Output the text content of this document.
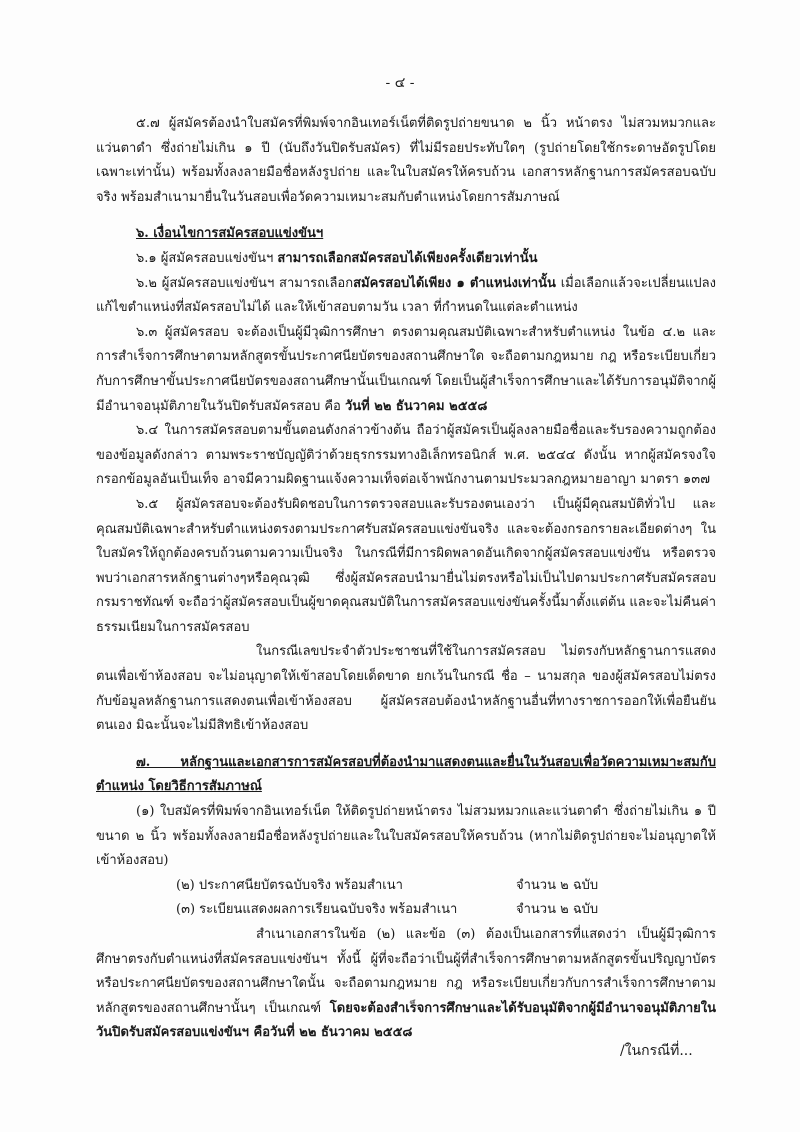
- ๔ -

๕.๗ ผู้สมัครต้องนำใบสมัครที่พิมพ์จากอินเทอร์เน็ตที่ติดรูปถ่ายขนาด ๒ นิ้ว หน้าตรง ไม่สวมหมวกและแว่นตาดำ ซึ่งถ่ายไม่เกิน ๑ ปี (นับถึงวันปิดรับสมัคร) ที่ไม่มีรอยประทับใดๆ (รูปถ่ายโดยใช้กระดาษอัดรูปโดยเฉพาะเท่านั้น) พร้อมทั้งลงลายมือชื่อหลังรูปถ่าย และในใบสมัครให้ครบถ้วน เอกสารหลักฐานการสมัครสอบฉบับจริง พร้อมสำเนามายื่นในวันสอบเพื่อวัดความเหมาะสมกับตำแหน่งโดยการสัมภาษณ์

๖. เงื่อนไขการสมัครสอบแข่งขันฯ

๖.๑ ผู้สมัครสอบแข่งขันฯ สามารถเลือกสมัครสอบได้เพียงครั้งเดียวเท่านั้น

๖.๒ ผู้สมัครสอบแข่งขันฯ สามารถเลือกสมัครสอบได้เพียง ๑ ตำแหน่งเท่านั้น เมื่อเลือกแล้วจะเปลี่ยนแปลงแก้ไขตำแหน่งที่สมัครสอบไม่ได้ และให้เข้าสอบตามวัน เวลา ที่กำหนดในแต่ละตำแหน่ง

๖.๓ ผู้สมัครสอบ จะต้องเป็นผู้มีวุฒิการศึกษา ตรงตามคุณสมบัติเฉพาะสำหรับตำแหน่ง ในข้อ ๔.๒ และการสำเร็จการศึกษาตามหลักสูตรขั้นประกาศนียบัตรของสถานศึกษาใด จะถือตามกฎหมาย กฎ หรือระเบียบเกี่ยวกับการศึกษาขั้นประกาศนียบัตรของสถานศึกษานั้นเป็นเกณฑ์ โดยเป็นผู้สำเร็จการศึกษาและได้รับการอนุมัติจากผู้มีอำนาจอนุมัติภายในวันปิดรับสมัครสอบ คือ วันที่ ๒๒ ธันวาคม ๒๕๕๘

๖.๔ ในการสมัครสอบตามขั้นตอนดังกล่าวข้างต้น ถือว่าผู้สมัครเป็นผู้ลงลายมือชื่อและรับรองความถูกต้องของข้อมูลดังกล่าว ตามพระราชบัญญัติว่าด้วยธุรกรรมทางอิเล็กทรอนิกส์ พ.ศ. ๒๕๔๔ ดังนั้น หากผู้สมัครจงใจกรอกข้อมูลอันเป็นเท็จ อาจมีความผิดฐานแจ้งความเท็จต่อเจ้าพนักงานตามประมวลกฎหมายอาญา มาตรา ๑๓๗

๖.๕ ผู้สมัครสอบจะต้องรับผิดชอบในการตรวจสอบและรับรองตนเองว่า เป็นผู้มีคุณสมบัติทั่วไป และคุณสมบัติเฉพาะสำหรับตำแหน่งตรงตามประกาศรับสมัครสอบแข่งขันจริง และจะต้องกรอกรายละเอียดต่างๆ ในใบสมัครให้ถูกต้องครบถ้วนตามความเป็นจริง ในกรณีที่มีการผิดพลาดอันเกิดจากผู้สมัครสอบแข่งขัน หรือตรวจพบว่าเอกสารหลักฐานต่างๆหรือคุณวุฒิ ซึ่งผู้สมัครสอบนำมายื่นไม่ตรงหรือไม่เป็นไปตามประกาศรับสมัครสอบ กรมราชทัณฑ์ จะถือว่าผู้สมัครสอบเป็นผู้ขาดคุณสมบัติในการสมัครสอบแข่งขันครั้งนี้มาตั้งแต่ต้น และจะไม่คืนค่าธรรมเนียมในการสมัครสอบ

ในกรณีเลขประจำตัวประชาชนที่ใช้ในการสมัครสอบ ไม่ตรงกับหลักฐานการแสดงตนเพื่อเข้าห้องสอบ จะไม่อนุญาตให้เข้าสอบโดยเด็ดขาด ยกเว้นในกรณี ชื่อ – นามสกุล ของผู้สมัครสอบไม่ตรงกับข้อมูลหลักฐานการแสดงตนเพื่อเข้าห้องสอบ ผู้สมัครสอบต้องนำหลักฐานอื่นที่ทางราชการออกให้เพื่อยืนยันตนเอง มิฉะนั้นจะไม่มีสิทธิเข้าห้องสอบ

๗. หลักฐานและเอกสารการสมัครสอบที่ต้องนำมาแสดงตนและยื่นในวันสอบเพื่อวัดความเหมาะสมกับตำแหน่ง โดยวิธีการสัมภาษณ์

(๑) ใบสมัครที่พิมพ์จากอินเทอร์เน็ต ให้ติดรูปถ่ายหน้าตรง ไม่สวมหมวกและแว่นตาดำ ซึ่งถ่ายไม่เกิน ๑ ปี ขนาด ๒ นิ้ว พร้อมทั้งลงลายมือชื่อหลังรูปถ่ายและในใบสมัครสอบให้ครบถ้วน (หากไม่ติดรูปถ่ายจะไม่อนุญาตให้เข้าห้องสอบ)

(๒) ประกาศนียบัตรฉบับจริง พร้อมสำเนา	จำนวน ๒ ฉบับ
(๓) ระเบียนแสดงผลการเรียนฉบับจริง พร้อมสำเนา	จำนวน ๒ ฉบับ

สำเนาเอกสารในข้อ (๒) และข้อ (๓) ต้องเป็นเอกสารที่แสดงว่า เป็นผู้มีวุฒิการศึกษาตรงกับตำแหน่งที่สมัครสอบแข่งขันฯ ทั้งนี้ ผู้ที่จะถือว่าเป็นผู้ที่สำเร็จการศึกษาตามหลักสูตรขั้นปริญญาบัตรหรือประกาศนียบัตรของสถานศึกษาใดนั้น จะถือตามกฎหมาย กฎ หรือระเบียบเกี่ยวกับการสำเร็จการศึกษาตามหลักสูตรของสถานศึกษานั้นๆ เป็นเกณฑ์ โดยจะต้องสำเร็จการศึกษาและได้รับอนุมัติจากผู้มีอำนาจอนุมัติภายในวันปิดรับสมัครสอบแข่งขันฯ คือวันที่ ๒๒ ธันวาคม ๒๕๕๘

/ในกรณีที่...
